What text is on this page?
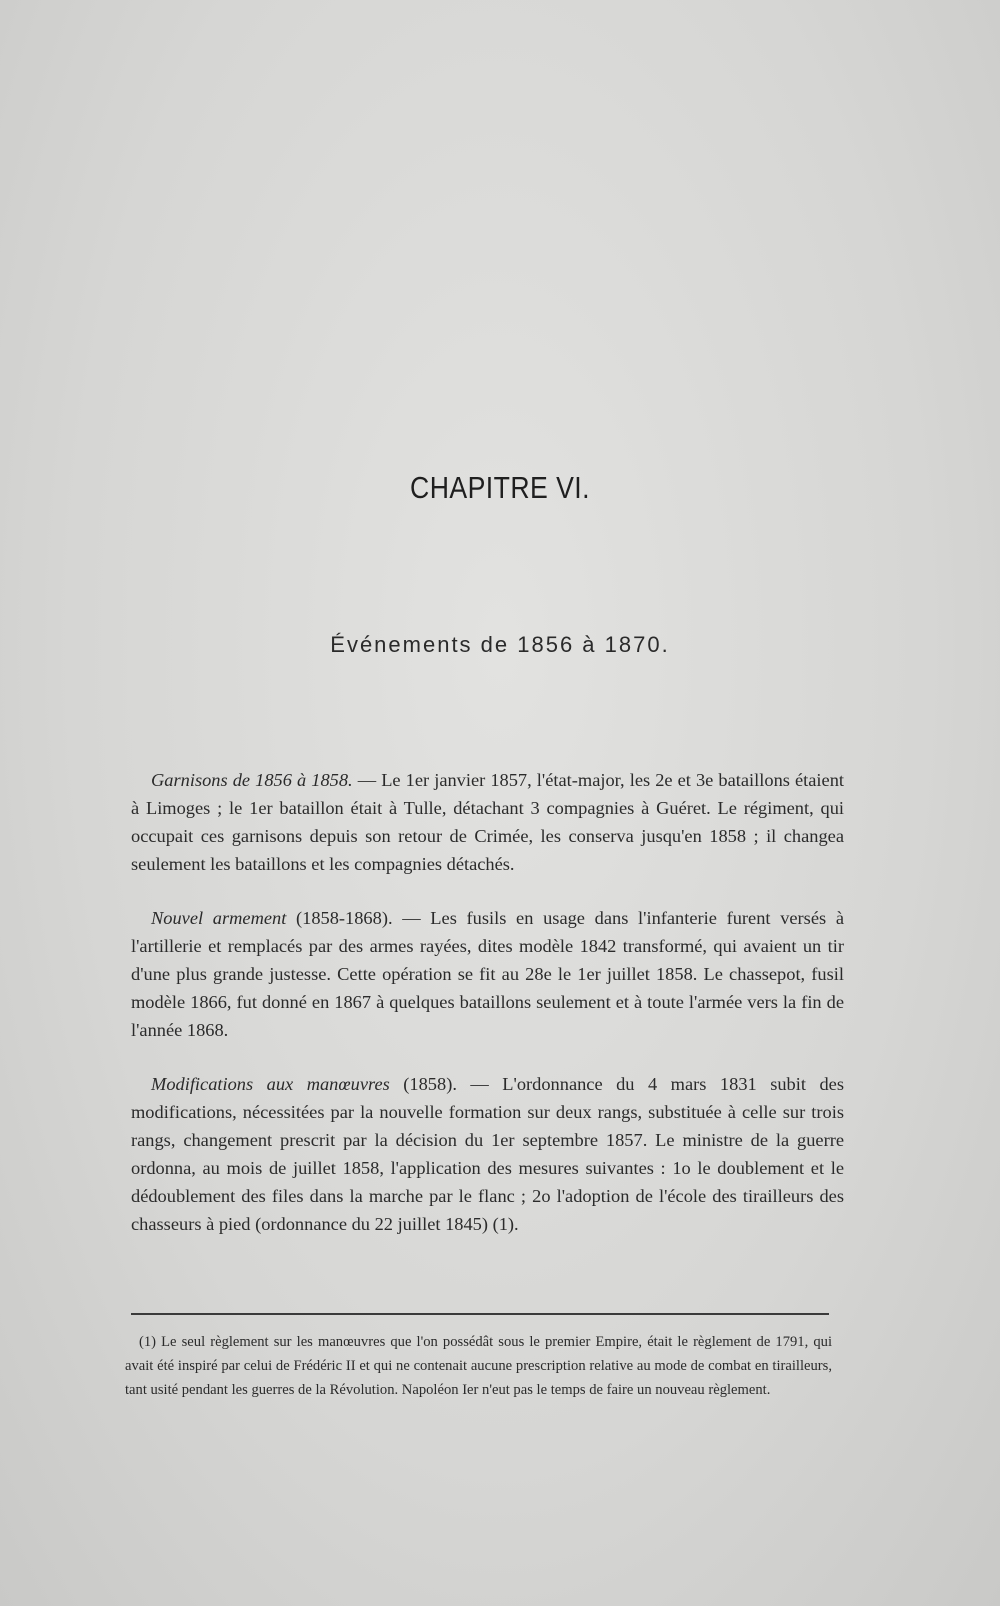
CHAPITRE VI.
Événements de 1856 à 1870.

Garnisons de 1856 à 1858. — Le 1er janvier 1857, l'état-major, les 2e et 3e bataillons étaient à Limoges ; le 1er bataillon était à Tulle, détachant 3 compagnies à Guéret. Le régiment, qui occupait ces garnisons depuis son retour de Crimée, les conserva jusqu'en 1858 ; il changea seulement les bataillons et les compagnies détachés.

Nouvel armement (1858-1868). — Les fusils en usage dans l'infanterie furent versés à l'artillerie et remplacés par des armes rayées, dites modèle 1842 transformé, qui avaient un tir d'une plus grande justesse. Cette opération se fit au 28e le 1er juillet 1858. Le chassepot, fusil modèle 1866, fut donné en 1867 à quelques bataillons seulement et à toute l'armée vers la fin de l'année 1868.

Modifications aux manœuvres (1858). — L'ordonnance du 4 mars 1831 subit des modifications, nécessitées par la nouvelle formation sur deux rangs, substituée à celle sur trois rangs, changement prescrit par la décision du 1er septembre 1857. Le ministre de la guerre ordonna, au mois de juillet 1858, l'application des mesures suivantes : 1o le doublement et le dédoublement des files dans la marche par le flanc ; 2o l'adoption de l'école des tirailleurs des chasseurs à pied (ordonnance du 22 juillet 1845) (1).

(1) Le seul règlement sur les manœuvres que l'on possédât sous le premier Empire, était le règlement de 1791, qui avait été inspiré par celui de Frédéric II et qui ne contenait aucune prescription relative au mode de combat en tirailleurs, tant usité pendant les guerres de la Révolution. Napoléon Ier n'eut pas le temps de faire un nouveau règlement.
